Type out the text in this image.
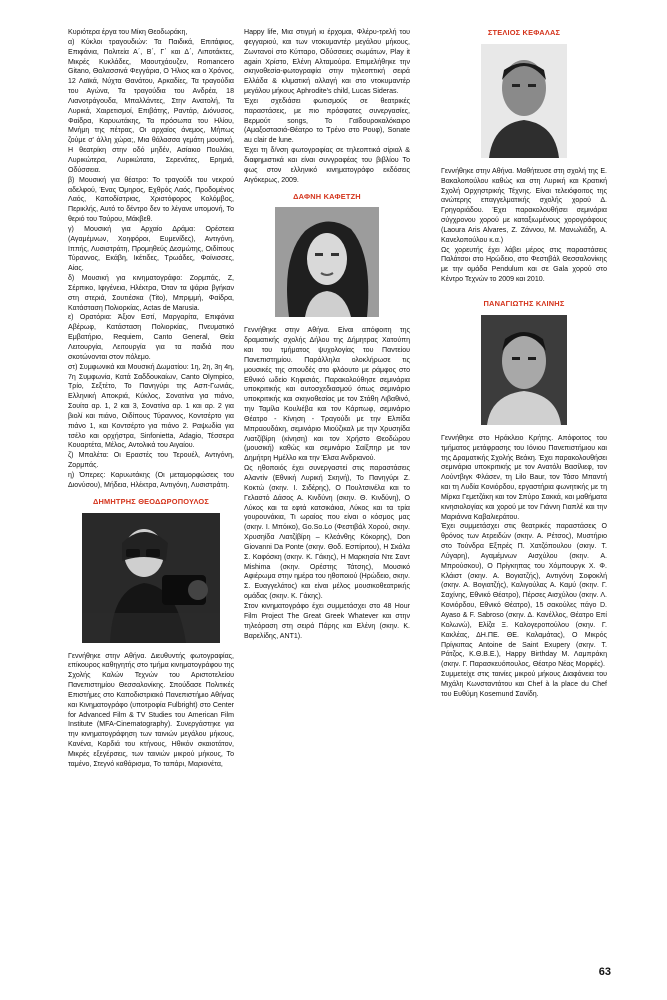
Κυριότερα έργα του Μίκη Θεοδωράκη,

α) Κύκλοι τραγουδιών: Τα Παιδικά, Επιτάφιος, Επιφάνια, Πολιτεία Α΄, Β΄, Γ΄ και Δ΄, Λιποτάκτες, Μικρές Κυκλάδες, Μαουτχάουζεν, Romancero Gitano, Θαλασσινά Φεγγάρια, Ο Ήλιος και ο Χρόνος, 12 Λαϊκά, Νύχτα Θανάτου, Αρκαδίες, Τα τραγούδια του Αγώνα, Τα τραγούδια του Ανδρέα, 18 Λιανοτράγουδα, Μπαλλάντες, Στην Ανατολή, Τα Λυρικά, Χαιρετισμοί, Επιβάτης, Ραντάρ, Διόνυσος, Φαίδρα, Καρυωτάκης, Τα πρόσωπα του Ηλίου, Μνήμη της πέτρας, Οι αρχαίος άνεμος, Μήπως ζούμε σ' άλλη χώρα;, Μια θάλασσα γεμάτη μουσική, Η θεατρίκη στην οδό μηδέν, Ασίακιο Πουλάκι, Λυρικώτερα, Λυρικώτατα, Σερενάτες, Ερημιά, Οδύσσεια.

β) Μουσική για θέατρο: Το τραγούδι του νεκρού αδελφού, Ένας Όμηρος, Εχθρός Λαός, Προδομένος Λαός, Καποδίστριας, Χριστόφορος Κολόμβος, Περικλής, Αυτό το δέντρο δεν το λέγανε υπομονή, Το θεριό του Ταύρου, Μάκβεθ.

γ) Μουσική για Αρχαίο Δράμα: Ορέστεια (Αγαμέμνων, Χοηφόροι, Ευμενίδες), Αντιγόνη, Ιππής, Λυσιστράτη, Προμηθεύς Δεσμώτης, Οιδίπους Τύραννος, Εκάβη, Ικέτιδες, Τρωάδες, Φοίνισσες, Αίας.

δ) Μουσική για κινηματογράφο: Ζορμπάς, Ζ, Σέρπικο, Ιφιγένεια, Ηλέκτρα, Όταν τα ψάρια βγήκαν στη στεριά, Σουτιέσκα (Tito), Μπριμμή, Φαίδρα, Κατάσταση Πολιορκίας, Actas de Marusia.

ε) Ορατόρια: Άξιον Εστί, Μαργαρίτα, Επιφάνια Αβέρωφ, Κατάσταση Πολιορκίας, Πνευματικό Εμβατήριο, Requiem, Canto General, Θεία Λειτουργία, Λειτουργία για τα παιδιά που σκοτώνονται στον πόλεμο.

στ) Συμφωνικά και Μουσική Δωματίου: 1η, 2η, 3η 4η, 7η Συμφωνία, Κατά Σαδδουκαίων, Canto Olympico, Τρίο, Σεξτέτο, Το Πανηγύρι της Ασπ-Γωνιάς, Ελληνική Αποκριά, Κύκλος, Σονατίνα για πιάνο, Σουίτα αρ. 1, 2 και 3, Σονατίνα αρ. 1 και αρ. 2 για βιολί και πιάνο, Οιδίπους Τύραννος, Κοντσέρτο για πιάνο 1, και Κοντσέρτο για πιάνο 2. Ραψωδία για τσέλο και ορχήστρα, Sinfonietta, Adagio, Τέσσερα Κουαρτέτα, Μέλος, Αντολικά του Αιγαίου.

ζ) Μπαλέτα: Οι Εραστές του Τερουέλ, Αντιγόνη, Ζορμπάς.

η) Όπερες: Καρυωτάκης (Οι μεταμορφώσεις του Διονύσου), Μήδεια, Ηλέκτρα, Αντιγόνη, Λυσιστράτη.

ΔΗΜΗΤΡΗΣ ΘΕΟΔΩΡΟΠΟΥΛΟΣ

Γεννήθηκε στην Αθήνα. Διευθυντής φωτογραφίας, επίκουρος καθηγητής στο τμήμα κινηματογράφου της Σχολής Καλών Τεχνών του Αριστοτελείου Πανεπιστημίου Θεσσαλονίκης. Σπούδασε Πολιτικές Επιστήμες στο Καποδιστριακό Πανεπιστήμιο Αθήνας και Κινηματογράφο (υποτροφία Fulbright) στο Center for Advanced Film & TV Studies του American Film Institute (MFA-Cinematography). Συνεργάστηκε για την κινηματογράφηση των ταινιών μεγάλου μήκους, Κανένα, Καρδιά του κτήνους, Ηθικόν σκαιοτάτον, Μικρές εξεγέρσεις, των ταινιών μικρού μήκους, Το ταμένο, Στεγνό καθάρισμα, Το ταπάρι, Μαριονέτα,

Happy life, Μια στιγμή κι έρχομαι, Φλέρυ-τρελή του φεγγαριού, και των ντοκυμαντέρ μεγάλου μήκους, Ζωντανοί στο Κύτταρο, Οδύσσειες σωμάτων, Play it again Χρίστο, Ελένη Αλταμούρα. Επιμελήθηκε την σκηνοθεσία-φωτογραφία στην τηλεοπτική σειρά Ελλάδα & κλιματική αλλαγή και στο ντοκυμαντέρ μεγάλου μήκους Aphrodite's child, Lucas Sideras.

Έχει σχεδιάσει φωτισμούς σε θεατρικές παραστάσεις, με πιο πρόσφατες συνεργασίες, Βερμούτ songs, Το Γαϊδουροκαλόκαιρο (Αμαξοστασιά-Θέατρο το Τρένο στο Ρουφ), Sonate au clair de lune.

Έχει τη δ/νση φωτογραφίας σε τηλεοπτικά σίριαλ & διαφημιστικά και είναι συνγραφέας του βιβλίου Το φως στον ελληνικό κινηματογράφο εκδόσεις Αιγόκερως, 2009.

ΔΑΦΝΗ ΚΑΦΕΤΖΗ

Γεννήθηκε στην Αθήνα. Είναι απόφοιτη της δραματικής σχολής Δήλου της Δήμητρας Χατούπη και του τμήματος ψυχολογίας του Παντείου Πανεπιστημίου. Παράλληλα ολοκλήρωσε τις μουσικές της σπουδές στο φλάουτο με ράμφος στο Εθνικό ωδείο Κηφισιάς. Παρακολούθησε σεμινάρια υποκριτικής και αυτοσχεδιασμού όπως σεμινάριο υποκριτικής και σκηνοθεσίας με τον Στάθη Λιβαθινό, την Ταμίλα Κουλιέβα και τον Κάρπωφ, σεμινάριο Θέατρο - Κίνηση - Τραγούδι με την Ελπίδα Μπραουδάκη, σεμινάριο Μιούζικαλ με την Χρυσηίδα Λιατζίβίρη (κίνηση) και τον Χρήστο Θεοδώρου (μουσική) καθώς και σεμινάριο Σαίξπηρ με τον Δημήτρη Ημέλλο και την Έλσα Ανδριανού.

Ως ηθοποιός έχει συνεργαστεί στις παραστάσεις Αλαντίν (Εθνική Λυρική Σκηνή), Το Πανηγύρι Ζ. Κοκτώ (σκην. Ι. Σιδέρης), Ο Πουλτσινέλα και το Γελαστό Δάσος Α. Κινδύνη (σκην. Θ. Κινδύνη), Ο Λύκος και τα εφτά κατσικάκια, Λύκος και τα τρία γουρουνάκια, Τι ωραίος που είναι ο κόσμος μας (σκην. Ι. Μπόικο), Go.So.Lo (Φεστιβάλ Χορού, σκην. Χρυσηίδα Λιατζίβίρη – Κλεάνθης Κόκορης), Don Giovanni Da Ponte (σκην. Θοδ. Εσπίριτου), Η Σκάλα Σ. Καφόσκη (σκην. Κ. Γάκης), Η Μαρκησία Ντε Σαντ Mishima (σκην. Ορέστης Τάτσης), Μουσικό Αφιέρωμα στην ημέρα του ηθοποιού (Ηρώδειο, σκην. Σ. Ευαγγελάτος) και είναι μέλος μουσικοθεατρικής ομάδας (σκην. Κ. Γάκης).

Στον κινηματογράφο έχει συμμετάσχει στο 48 Hour Film Project The Great Greek Whatever και στην τηλεόραση στη σειρά Πάρης και Ελένη (σκην. Κ. Βαρελίδης, ΑΝΤ1).

ΣΤΕΛΙΟΣ ΚΕΦΑΛΑΣ

Γεννήθηκε στην Αθήνα. Μαθήτευσε στη σχολή της Ε. Βακαλοπούλου καθώς και στη Λυρική και Κρατική Σχολή Ορχηστρικής Τέχνης. Είναι τελειόφοιτος της ανώτερης επαγγελματικής σχολής χορού Δ. Γρηγοριάδου. Έχει παρακολουθήσει σεμινάρια σύγχρονου χορού με καταξιωμένους χορογράφους (Laoura Aris Alvares, Ζ. Ζάννου, Μ. Μανωλιάδη, Α. Κανελοπούλου κ.α.)

Ως χορευτής έχει λάβει μέρος στις παραστάσεις Παλάτσοι στο Ηρώδειο, στο Φεστιβάλ Θεσσαλονίκης με την ομάδα Pendulum και σε Gala χορού στο Κέντρο Τεχνών το 2009 και 2010.

ΠΑΝΑΓΙΩΤΗΣ ΚΛΙΝΗΣ

Γεννήθηκε στο Ηράκλειο Κρήτης. Απόφοιτος του τμήματος μετάφρασης του Ιόνιου Πανεπιστήμιου και της Δραματικής Σχολής Βεάκη. Έχει παρακολουθήσει σεμινάρια υποκριτικής με τον Ανατόλι Βασίλιεφ, τον Λούντβιγκ Φλάσεν, τη Lilo Baur, τον Τάσο Μπαντή και τη Λυδία Κονιόρδου, εργαστήρια φωνητικής με τη Μίρκα Γεμετζάκη και τον Σπύρο Σακκά, και μαθήματα κινησιολογίας και χορού με τον Γιάννη Γιαπλέ και την Μαριάννα Καβαλιεράτου.

Έχει συμμετάσχει στις θεατρικές παραστάσεις Ο θρόνος των Ατρειδών (σκην. Α. Ρέτσος), Μυστήριο στο Τούνδρα Εξπρές Π. Χατζόπουλου (σκην. Τ. Λύγαρη), Αγαμέμνων Αισχύλου (σκην. Α. Μπρούσκου), Ο Πρίγκηπας του Χόμπουργκ Χ. Φ. Κλάιστ (σκην. Α. Βογιατζής), Αντιγόνη Σοφοκλή (σκην. Α. Βογιατζής), Καλιγούλας Α. Καμύ (σκην. Γ. Σαχίνης, Εθνικό Θέατρο), Πέρσες Αισχύλου (σκην. Λ. Κονιόρδου, Εθνικό Θέατρο), 15 σακούλες πάγο D. Ayaso & F. Sabroso (σκην. Δ. Κανέλλος, Θέατρο Επί Κολωνώ), Ελίζα Ξ. Καλογεροπούλου (σκην. Γ. Κακλέας, ΔΗ.ΠΕ. ΘΕ. Καλαμάτας), Ο Μικρός Πρίγκιπας Antoine de Saint Exupery (σκην. Τ. Ράτζος, Κ.Θ.Β.Ε.), Happy Birthday Μ. Λαμπράκη (σκην. Γ. Παρασκευόπουλος, Θέατρο Νέας Μορφές).

Συμμετείχε στις ταινίες μικρού μήκους Διαφάνεια του Μιχάλη Κωνσταντάτου και Chef à la place du Chef του Ευθύμη Kosemund Σανίδη.

63
